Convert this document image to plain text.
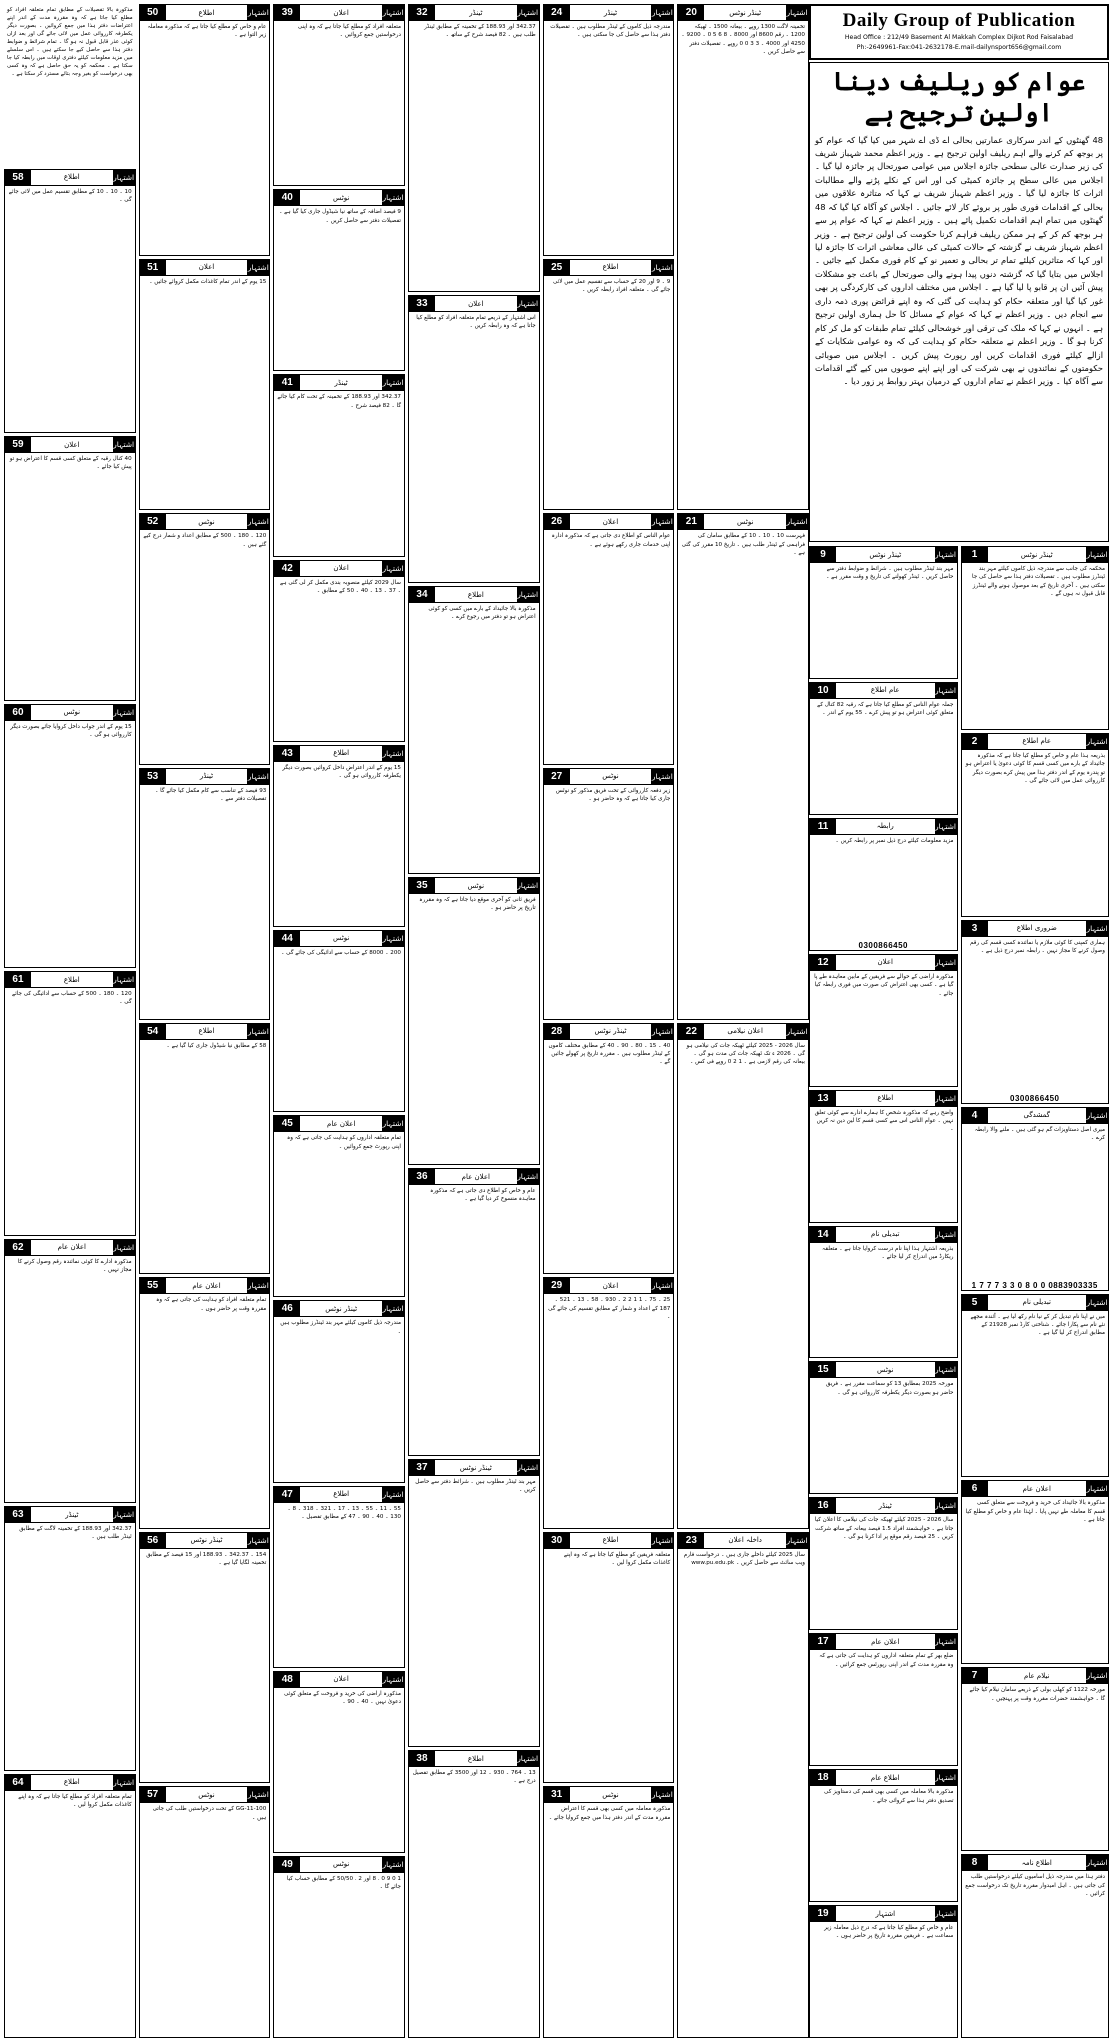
Daily Group of Publication
Head Office : 212/49 Basement Al Makkah Complex Dijkot Rod Faisalabad
Ph:-2649961-Fax:041-2632178-E.mail-dailynsport656@gmail.com
عوام کو ریلیف دینا اولین ترجیح ہے

48 گھنٹوں کے اندر سرکاری عمارتیں بحالی اے ڈی اے شہر میں کیا گیا کہ عوام کو پر بوجھ کم کرنے والے اہم ریلیف اولین ترجیح ہے ۔ وزیر اعظم محمد شہباز شریف کی زیر صدارت عالی سطحی جائزہ اجلاس میں عوامی صورتحال پر جائزہ لیا گیا ۔ اجلاس میں عالی سطح پر جائزہ کمیٹی کی اور اس کے نکلے پڑنے والے مطالبات اثرات کا جائزہ لیا گیا ۔ وزیر اعظم شہباز شریف نے کہا کہ متاثرہ علاقوں میں بحالی کے اقدامات فوری طور پر بروئے کار لائے جائیں ۔ اجلاس کو آگاہ کیا گیا کہ 48 گھنٹوں میں تمام اہم اقدامات تکمیل پائے ہیں ۔ وزیر اعظم نے کہا کہ عوام پر سے ہر بوجھ کم کر کے ہر ممکن ریلیف فراہم کرنا حکومت کی اولین ترجیح ہے ۔ وزیر اعظم شہباز شریف نے گزشتہ کے حالات کمیٹی کی عالی معاشی اثرات کا جائزہ لیا اور کہا کہ متاثرین کیلئے تمام تر بحالی و تعمیر نو کے کام فوری مکمل کیے جائیں ۔ اجلاس میں بتایا گیا کہ گزشتہ دنوں پیدا ہونے والی صورتحال کے باعث جو مشکلات پیش آئیں ان پر قابو پا لیا گیا ہے ۔ اجلاس میں مختلف اداروں کی کارکردگی پر بھی غور کیا گیا اور متعلقہ حکام کو ہدایت کی گئی کہ وہ اپنے فرائض پوری ذمہ داری سے انجام دیں ۔ وزیر اعظم نے کہا کہ عوام کے مسائل کا حل ہماری اولین ترجیح ہے ۔ انہوں نے کہا کہ ملک کی ترقی اور خوشحالی کیلئے تمام طبقات کو مل کر کام کرنا ہو گا ۔ وزیر اعظم نے متعلقہ حکام کو ہدایت کی کہ وہ عوامی شکایات کے ازالے کیلئے فوری اقدامات کریں اور رپورٹ پیش کریں ۔ اجلاس میں صوبائی حکومتوں کے نمائندوں نے بھی شرکت کی اور اپنے اپنے صوبوں میں کیے گئے اقدامات سے آگاہ کیا ۔ وزیر اعظم نے تمام اداروں کے درمیان بہتر روابط پر زور دیا ۔

1	ٹینڈر نوٹس	اشتہار
محکمہ کی جانب سے مندرجہ ذیل کاموں کیلئے مہر بند ٹینڈرز مطلوب ہیں ۔ تفصیلات دفتر ہذا سے حاصل کی جا سکتی ہیں ۔ آخری تاریخ کے بعد موصول ہونے والے ٹینڈرز قابل قبول نہ ہوں گے ۔
2	عام اطلاع	اشتہار
بذریعہ ہذا عام و خاص کو مطلع کیا جاتا ہے کہ مذکورہ جائیداد کے بارے میں کسی قسم کا کوئی دعویٰ یا اعتراض ہو تو پندرہ یوم کے اندر دفتر ہذا میں پیش کرے بصورت دیگر کارروائی عمل میں لائی جائے گی ۔
3	ضروری اطلاع	اشتہار
ہماری کمپنی کا کوئی ملازم یا نمائندہ کسی قسم کی رقم وصول کرنے کا مجاز نہیں ۔ رابطہ نمبر درج ذیل ہے ۔
0300866450
4	گمشدگی	اشتہار
میری اصل دستاویزات گم ہو گئی ہیں ۔ ملنے والا رابطہ کرے ۔
1 7 7 7 3 3 0 8 0 0 0883903335
5	تبدیلی نام	اشتہار
میں نے اپنا نام تبدیل کر کے نیا نام رکھ لیا ہے ۔ آئندہ مجھے نئے نام سے پکارا جائے ۔ شناختی کارڈ نمبر 21928 کے مطابق اندراج کر لیا گیا ہے ۔
6	اعلان عام	اشتہار
مذکورہ بالا جائیداد کی خرید و فروخت سے متعلق کسی قسم کا معاملہ طے نہیں پایا ۔ لہٰذا عام و خاص کو مطلع کیا جاتا ہے ۔
7	نیلام عام	اشتہار
مورخہ 1122 کو کھلی بولی کے ذریعے سامان نیلام کیا جائے گا ۔ خواہشمند حضرات مقررہ وقت پر پہنچیں ۔
8	اطلاع نامہ	اشتہار
دفتر ہذا میں مندرجہ ذیل اسامیوں کیلئے درخواستیں طلب کی جاتی ہیں ۔ اہل امیدوار مقررہ تاریخ تک درخواست جمع کرائیں ۔
9	ٹینڈر نوٹس	اشتہار
مہر بند ٹینڈر مطلوب ہیں ۔ شرائط و ضوابط دفتر سے حاصل کریں ۔ ٹینڈر کھولنے کی تاریخ و وقت مقرر ہے ۔
10	عام اطلاع	اشتہار
جملہ عوام الناس کو مطلع کیا جاتا ہے کہ رقبہ 82 کنال کے متعلق کوئی اعتراض ہو تو پیش کرے ۔ 55 یوم کے اندر ۔
11	رابطہ	اشتہار
مزید معلومات کیلئے درج ذیل نمبر پر رابطہ کریں ۔
0300866450
12	اعلان	اشتہار
مذکورہ اراضی کے حوالے سے فریقین کے مابین معاہدہ طے پا گیا ہے ۔ کسی بھی اعتراض کی صورت میں فوری رابطہ کیا جائے ۔
13	اطلاع	اشتہار
واضح رہے کہ مذکورہ شخص کا ہمارے ادارے سے کوئی تعلق نہیں ۔ عوام الناس اس سے کسی قسم کا لین دین نہ کریں ۔
14	تبدیلی نام	اشتہار
بذریعہ اشتہار ہذا اپنا نام درست کروایا جاتا ہے ۔ متعلقہ ریکارڈ میں اندراج کر لیا جائے ۔
15	نوٹس	اشتہار
مورخہ 2025 بمطابق 13 کو سماعت مقرر ہے ۔ فریق حاضر ہو بصورت دیگر یکطرفہ کارروائی ہو گی ۔
16	ٹینڈر	اشتہار
سال 2026 - 2025 کیلئے ٹھیکہ جات کی نیلامی کا اعلان کیا جاتا ہے ۔ خواہشمند افراد 1.5 فیصد بیعانہ کے ساتھ شرکت کریں ۔ 25 فیصد رقم موقع پر ادا کرنا ہو گی ۔
17	اعلان عام	اشتہار
ضلع بھر کے تمام متعلقہ اداروں کو ہدایت کی جاتی ہے کہ وہ مقررہ مدت کے اندر اپنی رپورٹس جمع کرائیں ۔
18	اطلاع عام	اشتہار
مذکورہ بالا معاملہ میں کسی بھی قسم کی دستاویز کی تصدیق دفتر ہذا سے کروائی جائے ۔
19	اشتہار	اشتہار
عام و خاص کو مطلع کیا جاتا ہے کہ درج ذیل معاملہ زیر سماعت ہے ۔ فریقین مقررہ تاریخ پر حاضر ہوں ۔
20	ٹینڈر نوٹس	اشتہار
تخمینہ لاگت 1300 روپے ۔ بیعانہ 1500 ۔ ٹھیکہ 1200 ۔ رقم 8600 اور 8000 ۔ 8 6 5 0 ۔ 9200 ۔ 4250 اور 4000 ۔ 3 3 0 0 روپے ۔ تفصیلات دفتر سے حاصل کریں ۔
21	نوٹس	اشتہار
فہرست 10 ۔ 10 ۔ 10 کے مطابق سامان کی فراہمی کے ٹینڈر طلب ہیں ۔ تاریخ 10 مقرر کی گئی ہے ۔
22	اعلان نیلامی	اشتہار
سال 2026 - 2025 کیلئے ٹھیکہ جات کی نیلامی ہو گی ۔ 2026 ء تک ٹھیکہ جات کی مدت ہو گی ۔ بیعانہ کی رقم لازمی ہے ۔ 1 2 0 روپے فی کس ۔
23	داخلہ اعلان	اشتہار
سال 2025 کیلئے داخلے جاری ہیں ۔ درخواست فارم ویب سائٹ سے حاصل کریں ۔ www.pu.edu.pk
24	ٹینڈر	اشتہار
مندرجہ ذیل کاموں کے ٹینڈر مطلوب ہیں ۔ تفصیلات دفتر ہذا سے حاصل کی جا سکتی ہیں ۔
25	اطلاع	اشتہار
9 ۔ 9 اور 20 کے حساب سے تقسیم عمل میں لائی جائے گی ۔ متعلقہ افراد رابطہ کریں ۔
26	اعلان	اشتہار
عوام الناس کو اطلاع دی جاتی ہے کہ مذکورہ ادارہ اپنی خدمات جاری رکھے ہوئے ہے ۔
27	نوٹس	اشتہار
زیر دفعہ کارروائی کے تحت فریق مذکور کو نوٹس جاری کیا جاتا ہے کہ وہ حاضر ہو ۔
28	ٹینڈر نوٹس	اشتہار
40 ۔ 15 ۔ 80 ۔ 90 ۔ 40 کے مطابق مختلف کاموں کے ٹینڈر مطلوب ہیں ۔ مقررہ تاریخ پر کھولے جائیں گے ۔
29	اعلان	اشتہار
25 ۔ 75 ۔ 1 1 2 2 ۔ 930 ۔ 58 ۔ 13 ۔ 521 ۔ 187 کے اعداد و شمار کے مطابق تقسیم کی جائے گی ۔
30	اطلاع	اشتہار
متعلقہ فریقین کو مطلع کیا جاتا ہے کہ وہ اپنے کاغذات مکمل کروا لیں ۔
31	نوٹس	اشتہار
مذکورہ معاملہ میں کسی بھی قسم کا اعتراض مقررہ مدت کے اندر دفتر ہذا میں جمع کروایا جائے ۔
32	ٹینڈر	اشتہار
342.37 اور 188.93 کے تخمینہ کے مطابق ٹینڈر طلب ہیں ۔ 82 فیصد شرح کے ساتھ ۔
33	اعلان	اشتہار
اس اشتہار کے ذریعے تمام متعلقہ افراد کو مطلع کیا جاتا ہے کہ وہ رابطہ کریں ۔
34	اطلاع	اشتہار
مذکورہ بالا جائیداد کے بارے میں کسی کو کوئی اعتراض ہو تو دفتر میں رجوع کرے ۔
35	نوٹس	اشتہار
فریق ثانی کو آخری موقع دیا جاتا ہے کہ وہ مقررہ تاریخ پر حاضر ہو ۔
36	اعلان عام	اشتہار
عام و خاص کو اطلاع دی جاتی ہے کہ مذکورہ معاہدہ منسوخ کر دیا گیا ہے ۔
37	ٹینڈر نوٹس	اشتہار
مہر بند ٹینڈر مطلوب ہیں ۔ شرائط دفتر سے حاصل کریں ۔
38	اطلاع	اشتہار
13 ۔ 764 ۔ 930 ۔ 12 اور 3500 کے مطابق تفصیل درج ہے ۔
39	اعلان	اشتہار
متعلقہ افراد کو مطلع کیا جاتا ہے کہ وہ اپنی درخواستیں جمع کروائیں ۔
40	نوٹس	اشتہار
9 فیصد اضافہ کے ساتھ نیا شیڈول جاری کیا گیا ہے ۔ تفصیلات دفتر سے حاصل کریں ۔
41	ٹینڈر	اشتہار
342.37 اور 188.93 کے تخمینہ کے تحت کام کیا جائے گا ۔ 82 فیصد شرح ۔
42	اعلان	اشتہار
سال 2029 کیلئے منصوبہ بندی مکمل کر لی گئی ہے ۔ 37 ۔ 13 ۔ 40 ۔ 50 کے مطابق ۔
43	اطلاع	اشتہار
15 یوم کے اندر اعتراض داخل کروائیں بصورت دیگر یکطرفہ کارروائی ہو گی ۔
44	نوٹس	اشتہار
200 ۔ 8000 کے حساب سے ادائیگی کی جائے گی ۔
45	اعلان عام	اشتہار
تمام متعلقہ اداروں کو ہدایت کی جاتی ہے کہ وہ اپنی رپورٹ جمع کروائیں ۔
46	ٹینڈر نوٹس	اشتہار
مندرجہ ذیل کاموں کیلئے مہر بند ٹینڈرز مطلوب ہیں ۔
47	اطلاع	اشتہار
55 ۔ 11 ۔ 55 ۔ 13 ۔ 17 ۔ 321 ۔ 318 ۔ 8 ۔ 130 ۔ 40 ۔ 90 ۔ 47 کے مطابق تفصیل ۔
48	اعلان	اشتہار
مذکورہ اراضی کی خرید و فروخت کے متعلق کوئی دعویٰ نہیں ۔ 40 ۔ 90 ۔
49	نوٹس	اشتہار
1 0 9 0 . 8 اور 2 . 50/50 کے مطابق حساب کیا جائے گا ۔
50	اطلاع	اشتہار
عام و خاص کو مطلع کیا جاتا ہے کہ مذکورہ معاملہ زیر التوا ہے ۔
51	اعلان	اشتہار
15 یوم کے اندر تمام کاغذات مکمل کروائے جائیں ۔
52	نوٹس	اشتہار
120 ۔ 180 ۔ 500 کے مطابق اعداد و شمار درج کیے گئے ہیں ۔
53	ٹینڈر	اشتہار
93 فیصد کے تناسب سے کام مکمل کیا جائے گا ۔ تفصیلات دفتر سے ۔
54	اطلاع	اشتہار
58 کے مطابق نیا شیڈول جاری کیا گیا ہے ۔
55	اعلان عام	اشتہار
تمام متعلقہ افراد کو ہدایت کی جاتی ہے کہ وہ مقررہ وقت پر حاضر ہوں ۔
56	ٹینڈر نوٹس	اشتہار
154 ۔ 342.37 ۔ 188.93 اور 15 فیصد کے مطابق تخمینہ لگایا گیا ہے ۔
57	نوٹس	اشتہار
GG-11-100 کے تحت درخواستیں طلب کی جاتی ہیں ۔
مذکورہ بالا تفصیلات کے مطابق تمام متعلقہ افراد کو مطلع کیا جاتا ہے کہ وہ مقررہ مدت کے اندر اپنے اعتراضات دفتر ہذا میں جمع کروائیں ۔ بصورت دیگر یکطرفہ کارروائی عمل میں لائی جائے گی اور بعد ازاں کوئی عذر قابل قبول نہ ہو گا ۔ تمام شرائط و ضوابط دفتر ہذا سے حاصل کیے جا سکتے ہیں ۔ اس سلسلے میں مزید معلومات کیلئے دفتری اوقات میں رابطہ کیا جا سکتا ہے ۔ محکمہ کو یہ حق حاصل ہے کہ وہ کسی بھی درخواست کو بغیر وجہ بتائے مسترد کر سکتا ہے ۔
58	اطلاع	اشتہار
10 ۔ 10 ۔ 10 کے مطابق تقسیم عمل میں لائی جائے گی ۔
59	اعلان	اشتہار
40 کنال رقبہ کے متعلق کسی قسم کا اعتراض ہو تو پیش کیا جائے ۔
60	نوٹس	اشتہار
15 یوم کے اندر جواب داخل کروایا جائے بصورت دیگر کارروائی ہو گی ۔
61	اطلاع	اشتہار
120 ۔ 180 ۔ 500 کے حساب سے ادائیگی کی جائے گی ۔
62	اعلان عام	اشتہار
مذکورہ ادارے کا کوئی نمائندہ رقم وصول کرنے کا مجاز نہیں ۔
63	ٹینڈر	اشتہار
342.37 اور 188.93 کے تخمینہ لاگت کے مطابق ٹینڈر طلب ہیں ۔
64	اطلاع	اشتہار
تمام متعلقہ افراد کو مطلع کیا جاتا ہے کہ وہ اپنے کاغذات مکمل کروا لیں ۔
